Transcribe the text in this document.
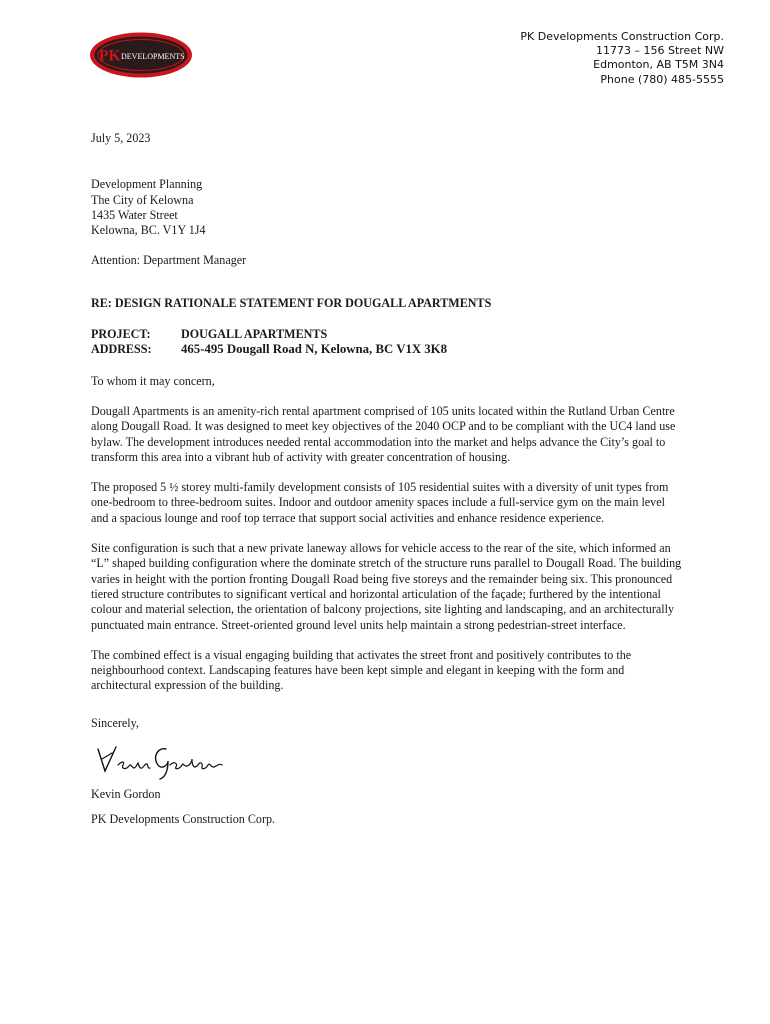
PK DEVELOPMENTS
PK Developments Construction Corp.
11773 – 156 Street NW
Edmonton, AB T5M 3N4
Phone (780) 485-5555

July 5, 2023

Development Planning

The City of Kelowna

1435 Water Street

Kelowna, BC. V1Y 1J4

Attention: Department Manager

RE: DESIGN RATIONALE STATEMENT FOR DOUGALL APARTMENTS

PROJECT:	DOUGALL APARTMENTS
ADDRESS:	465-495 Dougall Road N, Kelowna, BC V1X 3K8

To whom it may concern,

Dougall Apartments is an amenity-rich rental apartment comprised of 105 units located within the Rutland Urban Centre along Dougall Road. It was designed to meet key objectives of the 2040 OCP and to be compliant with the UC4 land use bylaw. The development introduces needed rental accommodation into the market and helps advance the City’s goal to transform this area into a vibrant hub of activity with greater concentration of housing.

The proposed 5 ½ storey multi-family development consists of 105 residential suites with a diversity of unit types from one-bedroom to three-bedroom suites. Indoor and outdoor amenity spaces include a full-service gym on the main level and a spacious lounge and roof top terrace that support social activities and enhance residence experience.

Site configuration is such that a new private laneway allows for vehicle access to the rear of the site, which informed an “L” shaped building configuration where the dominate stretch of the structure runs parallel to Dougall Road. The building varies in height with the portion fronting Dougall Road being five storeys and the remainder being six. This pronounced tiered structure contributes to significant vertical and horizontal articulation of the façade; furthered by the intentional colour and material selection, the orientation of balcony projections, site lighting and landscaping, and an architecturally punctuated main entrance. Street-oriented ground level units help maintain a strong pedestrian-street interface.

The combined effect is a visual engaging building that activates the street front and positively contributes to the neighbourhood context. Landscaping features have been kept simple and elegant in keeping with the form and architectural expression of the building.

Sincerely,

Kevin Gordon

PK Developments Construction Corp.
